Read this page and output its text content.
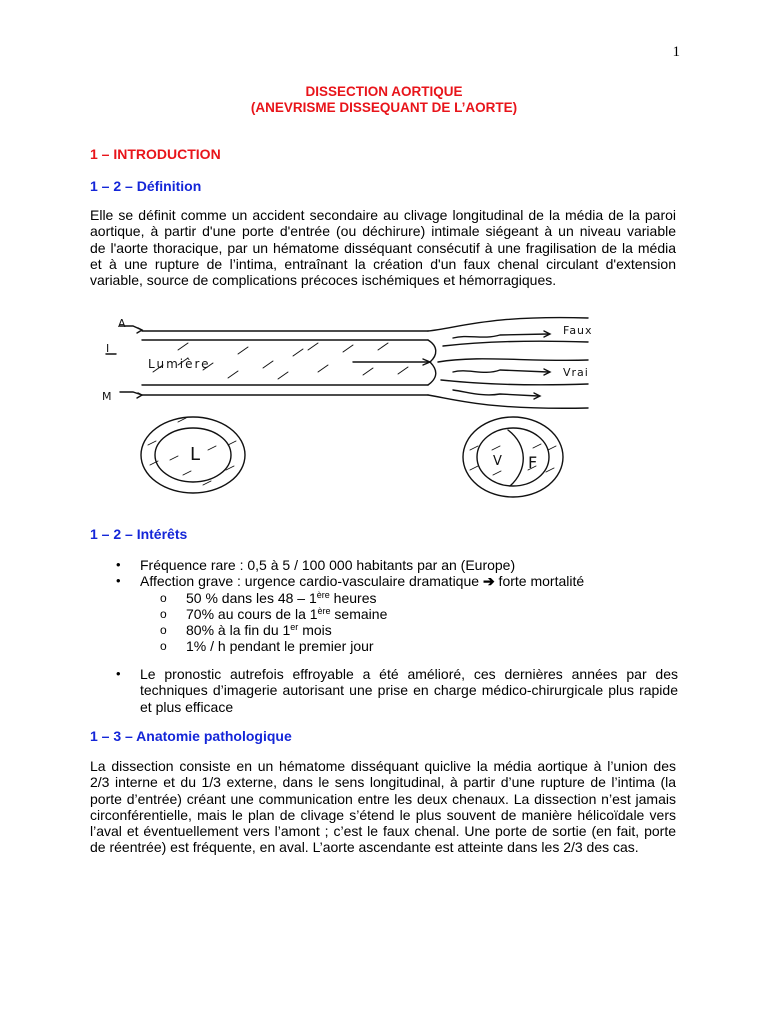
1
DISSECTION AORTIQUE
(ANEVRISME DISSEQUANT DE L’AORTE)
1 – INTRODUCTION
1 – 2 – Définition
Elle se définit comme un accident secondaire au clivage longitudinal de la média de la paroi
aortique, à partir d'une porte d'entrée (ou déchirure) intimale siégeant à un niveau variable
de l'aorte thoracique, par un hématome disséquant consécutif à une fragilisation de la média
et à une rupture de l’intima, entraînant la création d'un faux chenal circulant d'extension
variable, source de complications précoces ischémiques et hémorragiques.
A
I
M
Lumière
Faux
Vrai
L	V F
1 – 2 – Intérêts
• Fréquence rare : 0,5 à 5 / 100 000 habitants par an (Europe)
• Affection grave : urgence cardio-vasculaire dramatique ➔ forte mortalité
o 50 % dans les 48 – 1ère heures
o 70% au cours de la 1ère semaine
o 80% à la fin du 1er mois
o 1% / h pendant le premier jour
• Le pronostic autrefois effroyable a été amélioré, ces dernières années par des
techniques d’imagerie autorisant une prise en charge médico-chirurgicale plus rapide
et plus efficace
1 – 3 – Anatomie pathologique
La dissection consiste en un hématome disséquant quiclive la média aortique à l’union des
2/3 interne et du 1/3 externe, dans le sens longitudinal, à partir d’une rupture de l’intima (la
porte d’entrée) créant une communication entre les deux chenaux. La dissection n’est jamais
circonférentielle, mais le plan de clivage s’étend le plus souvent de manière hélicoïdale vers
l’aval et éventuellement vers l’amont ; c’est le faux chenal. Une porte de sortie (en fait, porte
de réentrée) est fréquente, en aval. L’aorte ascendante est atteinte dans les 2/3 des cas.
